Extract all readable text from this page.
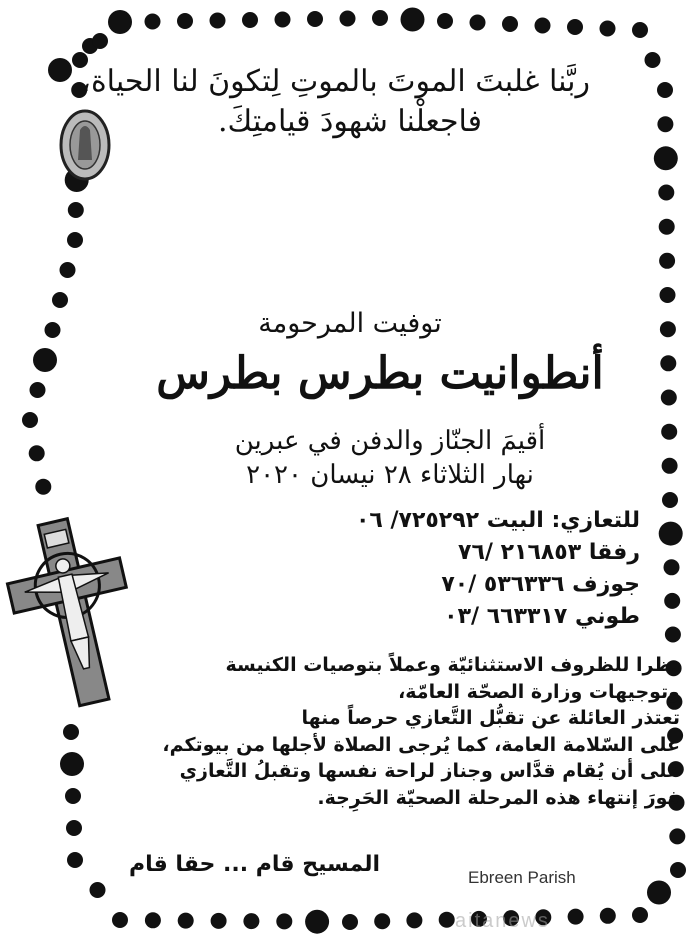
ربَّنا غلبتَ الموتَ بالموتِ لِتكونَ لنا الحياة،
فاجعلْنا شهودَ قيامتِكَ.
توفيت المرحومة
أنطوانيت بطرس بطرس
أقيمَ الجنّاز والدفن في عبرين
نهار الثلاثاء ٢٨ نيسان ٢٠٢٠
للتعازي: البيت ٧٢٥٢٩٢/ ٠٦
رفقا ٢١٦٨٥٣ /٧٦
جوزف ٥٣٦٣٣٦ /٧٠
طوني ٦٦٣٣١٧ /٠٣
نظرا للظروف الاستثنائيّة وعملاً بتوصيات الكنيسة
وتوجيهات وزارة الصحّة العامّة،
تعتذر العائلة عن تقبُّل التَّعازي حرصاً منها
على السّلامة العامة، كما يُرجى الصلاة لأجلها من بيوتكم،
على أن يُقام قدَّاس وجناز لراحة نفسها وتقبلُ التَّعازي
فورَ إنتهاء هذه المرحلة الصحيّة الحَرِجة.
المسيح قام ... حقا قام
Ebreen Parish
aitanews
